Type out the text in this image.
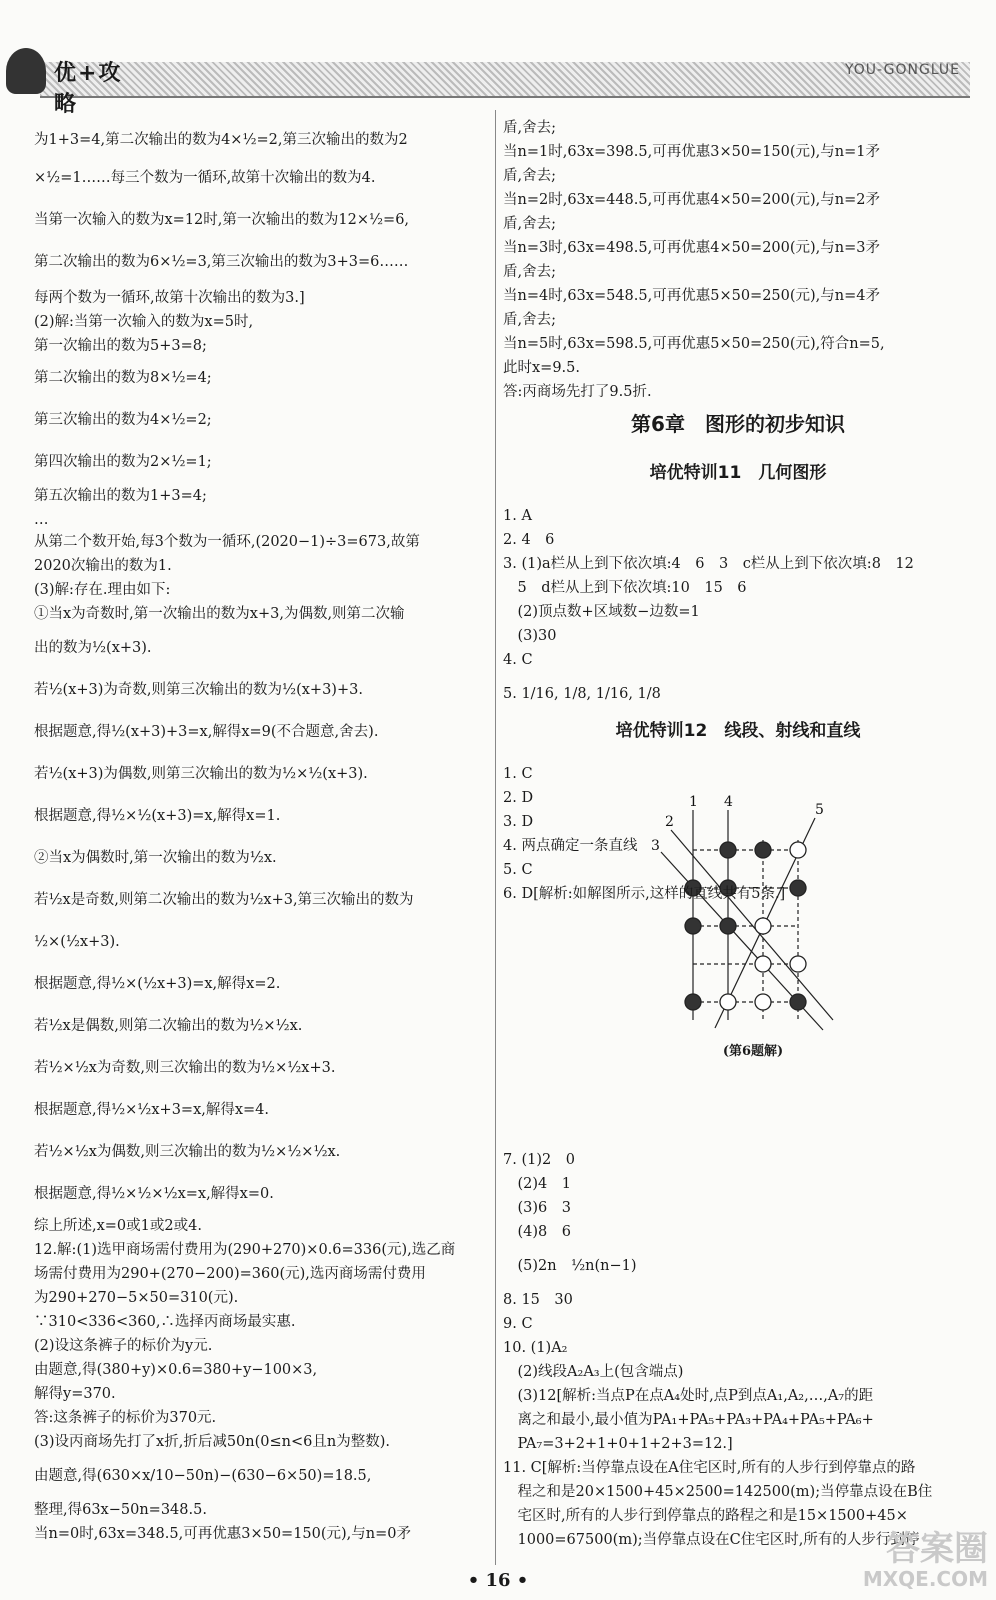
优+攻略
YOU-GONGLUE
为1+3=4,第二次输出的数为4×½=2,第三次输出的数为2
×½=1……每三个数为一循环,故第十次输出的数为4.
当第一次输入的数为x=12时,第一次输出的数为12×½=6,
第二次输出的数为6×½=3,第三次输出的数为3+3=6……
每两个数为一循环,故第十次输出的数为3.]
(2)解:当第一次输入的数为x=5时,
第一次输出的数为5+3=8;
第二次输出的数为8×½=4;
第三次输出的数为4×½=2;
第四次输出的数为2×½=1;
第五次输出的数为1+3=4;
…
从第二个数开始,每3个数为一循环,(2020−1)÷3=673,故第
2020次输出的数为1.
(3)解:存在.理由如下:
①当x为奇数时,第一次输出的数为x+3,为偶数,则第二次输
出的数为½(x+3).
若½(x+3)为奇数,则第三次输出的数为½(x+3)+3.
根据题意,得½(x+3)+3=x,解得x=9(不合题意,舍去).
若½(x+3)为偶数,则第三次输出的数为½×½(x+3).
根据题意,得½×½(x+3)=x,解得x=1.
②当x为偶数时,第一次输出的数为½x.
若½x是奇数,则第二次输出的数为½x+3,第三次输出的数为
½×(½x+3).
根据题意,得½×(½x+3)=x,解得x=2.
若½x是偶数,则第二次输出的数为½×½x.
若½×½x为奇数,则三次输出的数为½×½x+3.
根据题意,得½×½x+3=x,解得x=4.
若½×½x为偶数,则三次输出的数为½×½×½x.
根据题意,得½×½×½x=x,解得x=0.
综上所述,x=0或1或2或4.
12.解:(1)选甲商场需付费用为(290+270)×0.6=336(元),选乙商
场需付费用为290+(270−200)=360(元),选丙商场需付费用
为290+270−5×50=310(元).
∵310<336<360,∴选择丙商场最实惠.
(2)设这条裤子的标价为y元.
由题意,得(380+y)×0.6=380+y−100×3,
解得y=370.
答:这条裤子的标价为370元.
(3)设丙商场先打了x折,折后减50n(0≤n<6且n为整数).
由题意,得(630×x/10−50n)−(630−6×50)=18.5,
整理,得63x−50n=348.5.
当n=0时,63x=348.5,可再优惠3×50=150(元),与n=0矛
第6章　图形的初步知识
培优特训11　几何图形
培优特训12　线段、射线和直线
1
2
3
4	5
(第6题解)
盾,舍去;
当n=1时,63x=398.5,可再优惠3×50=150(元),与n=1矛
盾,舍去;
当n=2时,63x=448.5,可再优惠4×50=200(元),与n=2矛
盾,舍去;
当n=3时,63x=498.5,可再优惠4×50=200(元),与n=3矛
盾,舍去;
当n=4时,63x=548.5,可再优惠5×50=250(元),与n=4矛
盾,舍去;
当n=5时,63x=598.5,可再优惠5×50=250(元),符合n=5,
此时x=9.5.
答:丙商场先打了9.5折.
1. A
2. 4　6
3. (1)a栏从上到下依次填:4　6　3　c栏从上到下依次填:8　12
　5　d栏从上到下依次填:10　15　6
　(2)顶点数+区域数−边数=1
　(3)30
4. C
5. 1/16, 1/8, 1/16, 1/8
1. C
2. D
3. D
4. 两点确定一条直线
5. C
6. D[解析:如解图所示,这样的直线共有5条.]
7. (1)2　0
　(2)4　1
　(3)6　3
　(4)8　6
　(5)2n　½n(n−1)
8. 15　30
9. C
10. (1)A₂
　(2)线段A₂A₃上(包含端点)
　(3)12[解析:当点P在点A₄处时,点P到点A₁,A₂,…,A₇的距
　离之和最小,最小值为PA₁+PA₅+PA₃+PA₄+PA₅+PA₆+
　PA₇=3+2+1+0+1+2+3=12.]
11. C[解析:当停靠点设在A住宅区时,所有的人步行到停靠点的路
　程之和是20×1500+45×2500=142500(m);当停靠点设在B住
　宅区时,所有的人步行到停靠点的路程之和是15×1500+45×
　1000=67500(m);当停靠点设在C住宅区时,所有的人步行到停
• 16 •
答案圈
MXQE.COM
